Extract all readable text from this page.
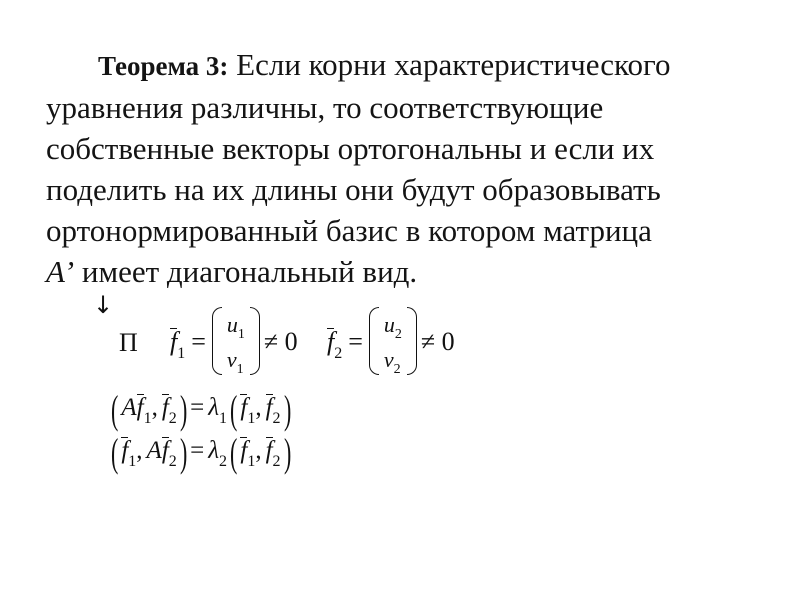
Теорема 3: Если корни характеристического
уравнения различны, то соответствующие
собственные векторы ортогональны и если их
поделить на их длины они будут образовывать
ортонормированный базис в котором матрица
A’ имеет диагональный вид.
↓
П $f_1$ =
$u_1$
$v_1$
≠ 0 $f_2$ =
$u_2$
$v_2$
≠ 0
( A $f_1$ , $f_2$ ) = $\lambda_1$ ( $f_1$ , $f_2$ )
( $f_1$ , A $f_2$ ) = $\lambda_2$ ( $f_1$ , $f_2$ )
